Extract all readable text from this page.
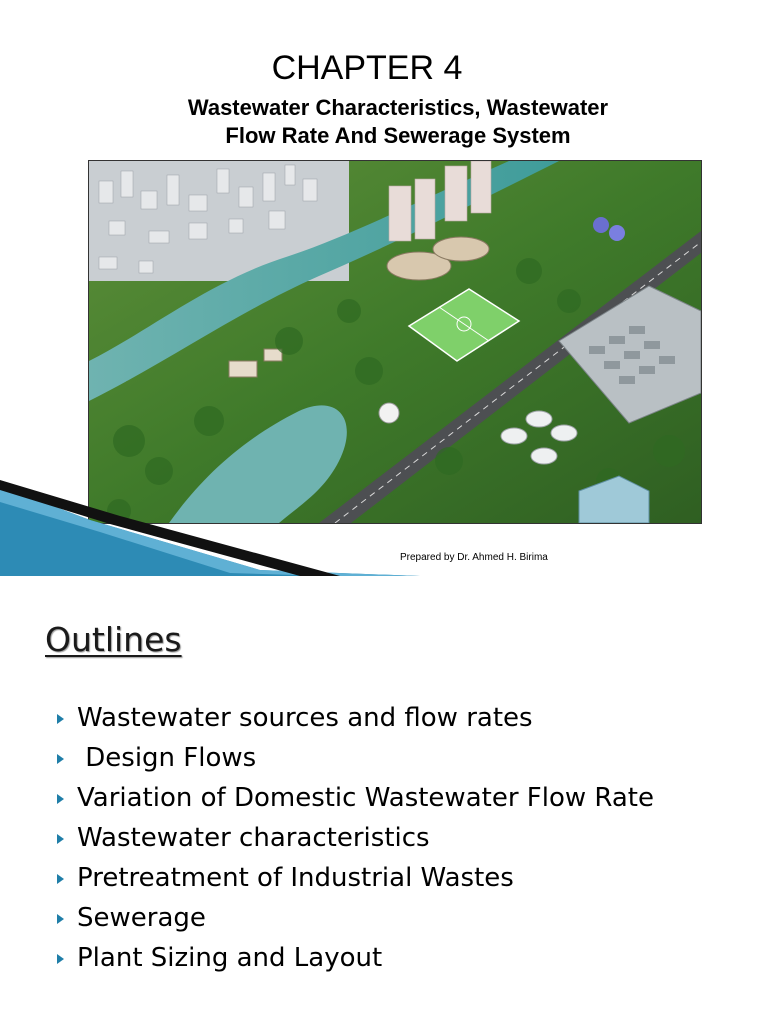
CHAPTER 4
Wastewater Characteristics, Wastewater
Flow Rate And Sewerage System
Prepared by Dr. Ahmed H. Birima
Outlines
Wastewater sources and flow rates
Design Flows
Variation of Domestic Wastewater Flow Rate
Wastewater characteristics
Pretreatment of Industrial Wastes
Sewerage
Plant Sizing and Layout
